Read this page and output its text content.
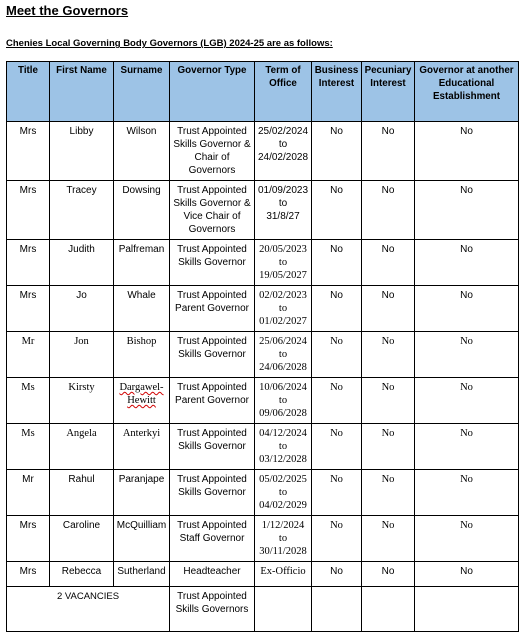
Meet the Governors
Chenies Local Governing Body Governors (LGB) 2024-25 are as follows:
Title	First Name	Surname	Governor Type	Term of Office	Business Interest	Pecuniary Interest	Governor at another Educational Establishment
Mrs	Libby	Wilson	Trust Appointed Skills Governor & Chair of Governors	25/02/2024
to
24/02/2028	No	No	No
Mrs	Tracey	Dowsing	Trust Appointed Skills Governor & Vice Chair of Governors	01/09/2023
to
31/8/27	No	No	No
Mrs	Judith	Palfreman	Trust Appointed Skills Governor	20/05/2023
to
19/05/2027	No	No	No
Mrs	Jo	Whale	Trust Appointed Parent Governor	02/02/2023
to
01/02/2027	No	No	No
Mr	Jon	Bishop	Trust Appointed Skills Governor	25/06/2024
to
24/06/2028	No	No	No
Ms	Kirsty	Dargawel-Hewitt	Trust Appointed Parent Governor	10/06/2024
to
09/06/2028	No	No	No
Ms	Angela	Anterkyi	Trust Appointed Skills Governor	04/12/2024
to
03/12/2028	No	No	No
Mr	Rahul	Paranjape	Trust Appointed Skills Governor	05/02/2025
to
04/02/2029	No	No	No
Mrs	Caroline	McQuilliam	Trust Appointed Staff Governor	1/12/2024 to
30/11/2028	No	No	No
Mrs	Rebecca	Sutherland	Headteacher	Ex-Officio	No	No	No
2 VACANCIES			Trust Appointed Skills Governors				
